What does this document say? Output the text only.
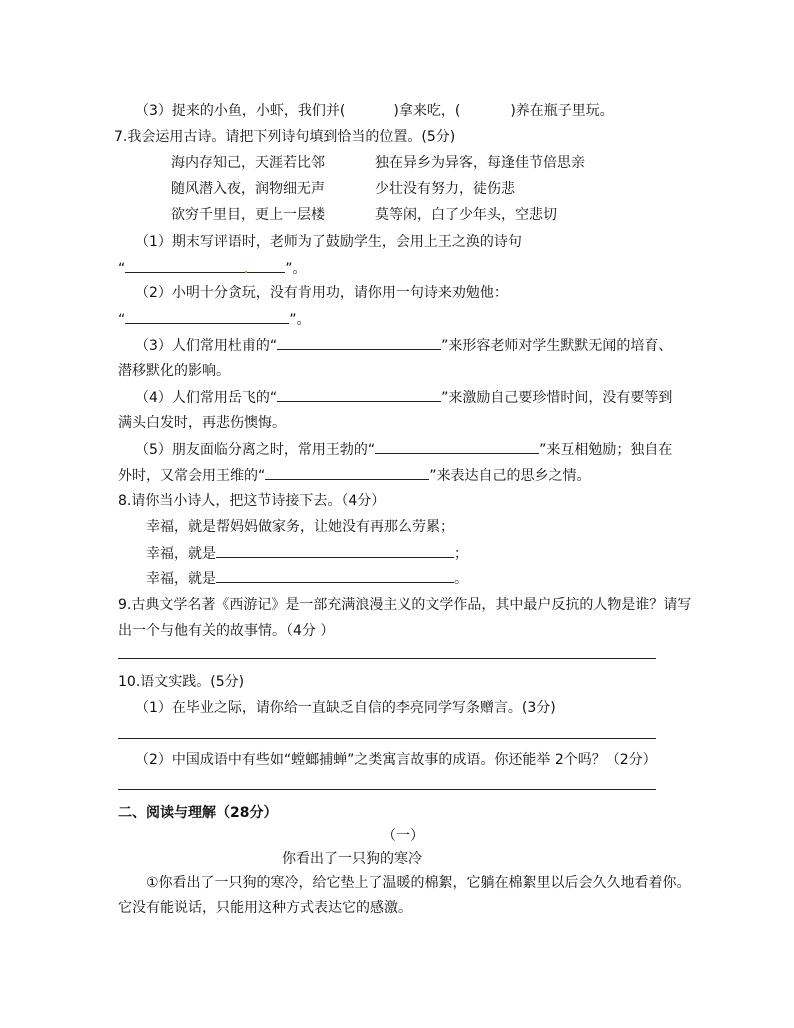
（3）捉来的小鱼，小虾，我们并(	)拿来吃，(	)养在瓶子里玩。
7.我会运用古诗。请把下列诗句填到恰当的位置。(5分)
海内存知己，天涯若比邻	独在异乡为异客，每逢佳节倍思亲
随风潜入夜，润物细无声	少壮没有努力，徒伤悲
欲穷千里目，更上一层楼	莫等闲，白了少年头，空悲切
（1）期末写评语时，老师为了鼓励学生，会用上王之涣的诗句
“	”。
（2）小明十分贪玩，没有肯用功，请你用一句诗来劝勉他：
“	”。
（3）人们常用杜甫的“	”来形容老师对学生默默无闻的培育、
潜移默化的影响。
（4）人们常用岳飞的“	”来激励自己要珍惜时间，没有要等到
满头白发时，再悲伤懊悔。
（5）朋友面临分离之时，常用王勃的“	”来互相勉励；独自在
外时，又常会用王维的“	”来表达自己的思乡之情。
8.请你当小诗人，把这节诗接下去。（4分）
幸福，就是帮妈妈做家务，让她没有再那么劳累；
幸福，就是	；
幸福，就是	。
9.古典文学名著《西游记》是一部充满浪漫主义的文学作品，其中最户反抗的人物是谁？请写
出一个与他有关的故事情。（4分 ）
10.语文实践。(5分)
（1）在毕业之际，请你给一直缺乏自信的李亮同学写条赠言。(3分)
（2）中国成语中有些如“螳螂捕蝉”之类寓言故事的成语。你还能举 2个吗？（2分）
二、阅读与理解（28分）
（一）
你看出了一只狗的寒冷
①你看出了一只狗的寒冷，给它垫上了温暖的棉絮，它躺在棉絮里以后会久久地看着你。
它没有能说话，只能用这种方式表达它的感激。
